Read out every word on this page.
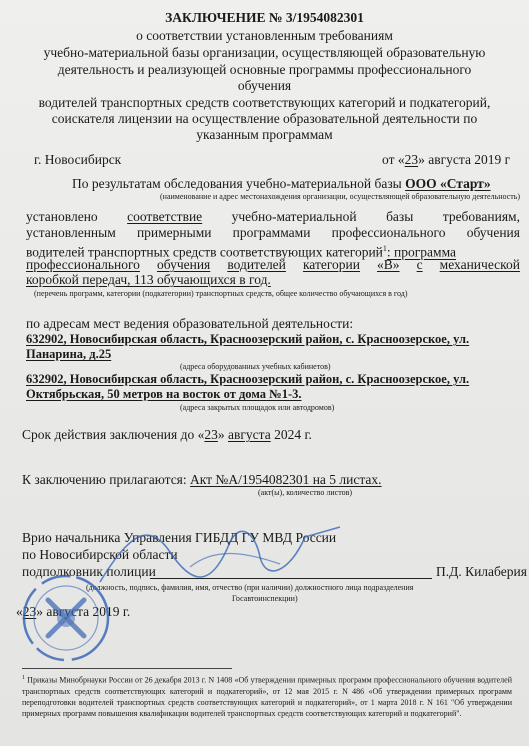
ЗАКЛЮЧЕНИЕ № 3/1954082301
о соответствии установленным требованиям
учебно-материальной базы организации, осуществляющей образовательную
деятельность и реализующей основные программы профессионального
обучения
водителей транспортных средств соответствующих категорий и подкатегорий,
соискателя лицензии на осуществление образовательной деятельности по
указанным программам
г. Новосибирск	от «23» августа 2019 г
По результатам обследования учебно-материальной базы ООО «Старт»
(наименование и адрес местонахождения организации, осуществляющей образовательную деятельность)
установлено соответствие учебно-материальной базы требованиям,
установленным примерными программами профессионального обучения
водителей транспортных средств соответствующих категорий$^1$: программа
профессионального обучения водителей категории «В» с механической
коробкой передач, 113 обучающихся в год.
(перечень программ, категории (подкатегории) транспортных средств, общее количество обучающихся в год)
по адресам мест ведения образовательной деятельности:
632902, Новосибирская область, Красноозерский район, с. Красноозерское, ул.
Панарина, д.25
(адреса оборудованных учебных кабинетов)
632902, Новосибирская область, Красноозерский район, с. Красноозерское, ул.
Октябрьская, 50 метров на восток от дома №1-3.
(адреса закрытых площадок или автодромов)
Срок действия заключения до «23» августа 2024 г.
К заключению прилагаются: Акт №А/1954082301 на 5 листах.
(акт(ы), количество листов)
Врио начальника Управления ГИБДД ГУ МВД России
по Новосибирской области
подполковник полиции	П.Д. Килаберия
(должность, подпись, фамилия, имя, отчество (при наличии) должностного лица подразделения
Госавтоинспекции)
«23» августа 2019 г.
$^1$ Приказы Минобрнауки России от 26 декабря 2013 г. N 1408 «Об утверждении примерных программ профессионального обучения водителей транспортных средств соответствующих категорий и подкатегорий», от 12 мая 2015 г. N 486 «Об утверждении примерных программ переподготовки водителей транспортных средств соответствующих категорий и подкатегорий», от 1 марта 2018 г. N 161 "Об утверждении примерных программ повышения квалификации водителей транспортных средств соответствующих категорий и подкатегорий".
